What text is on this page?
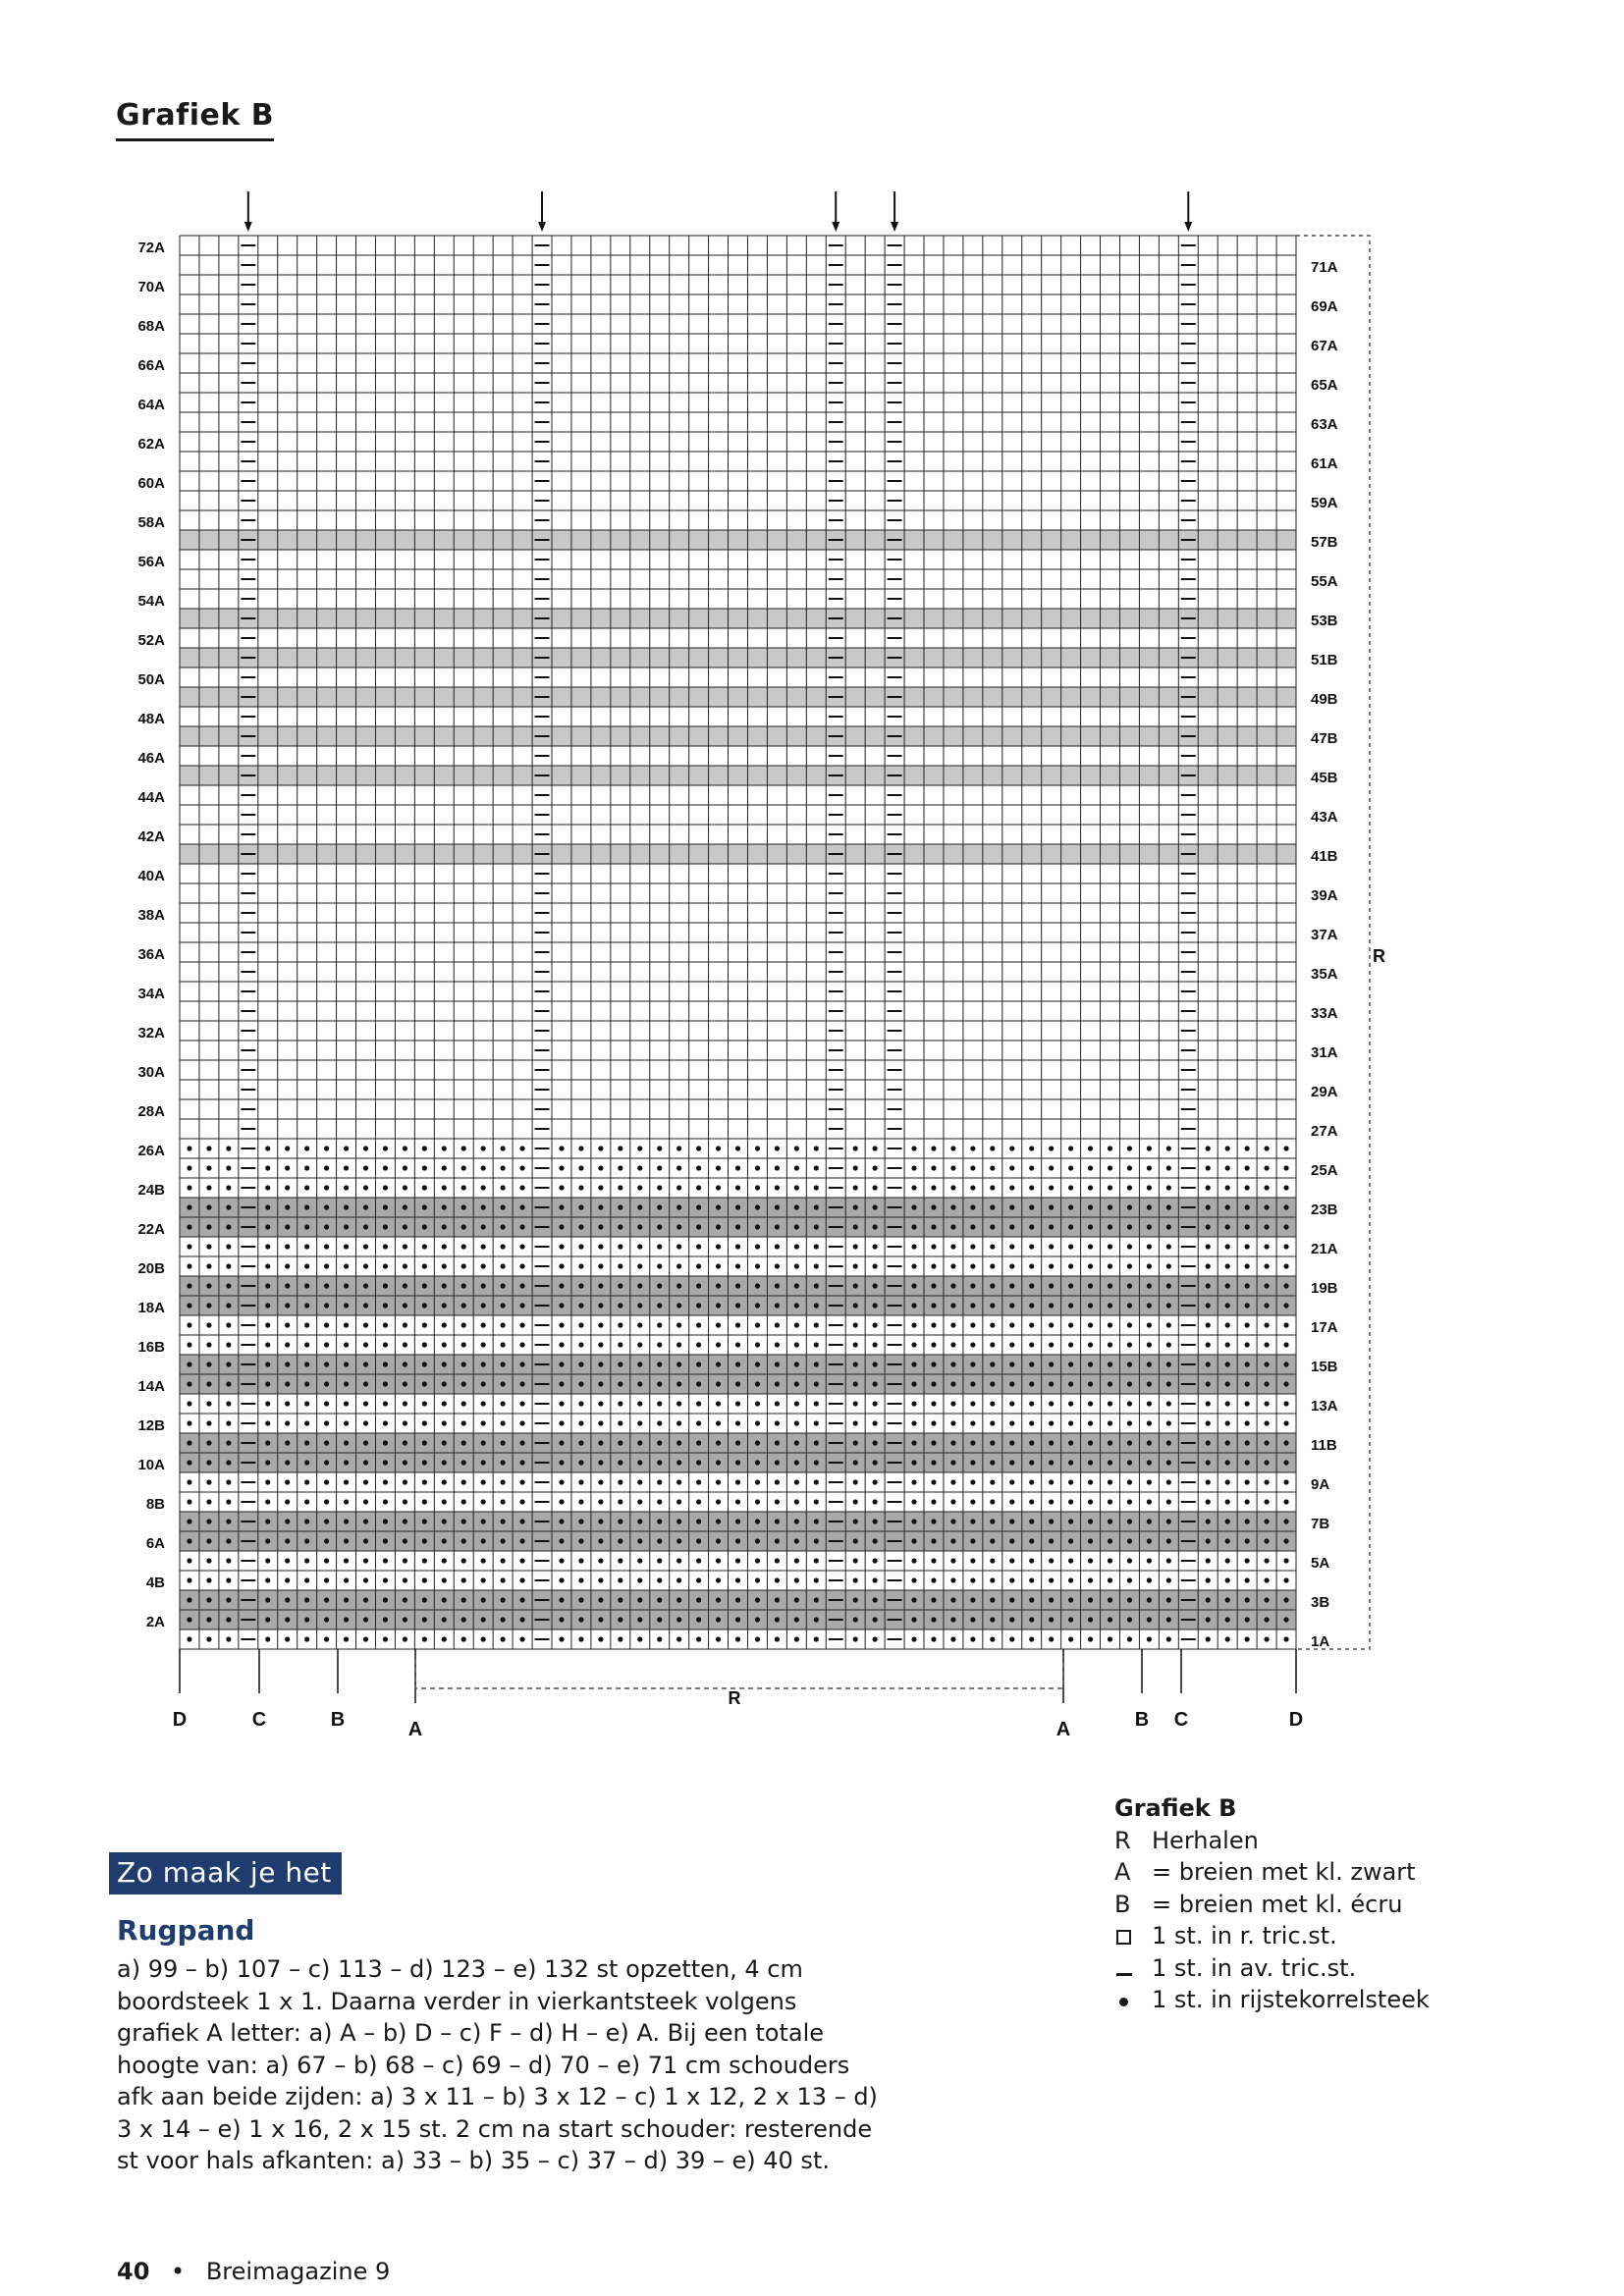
Grafiek B
2A
4B
6A
8B
10A
12B
14A
16B
18A
20B
22A
24B
26A
28A
30A
32A
34A
36A
38A
40A
42A
44A
46A
48A
50A
52A
54A
56A
58A
60A
62A
64A
66A
68A
70A
72A
1A
3B
5A
7B
9A
11B
13A
15B
17A
19B
21A
23B
25A
27A
29A
31A
33A
35A
37A
39A
41B
43A
45B
47B
49B
51B
53B
55A
57B
59A
61A
63A
65A
67A
69A
71A
R
D	C	B	A	A	B C	D
R
Zo maak je het
Rugpand

a) 99 – b) 107 – c) 113 – d) 123 – e) 132 st opzetten, 4 cm

boordsteek 1 x 1. Daarna verder in vierkantsteek volgens

grafiek A letter: a) A – b) D – c) F – d) H – e) A. Bij een totale

hoogte van: a) 67 – b) 68 – c) 69 – d) 70 – e) 71 cm schouders

afk aan beide zijden: a) 3 x 11 – b) 3 x 12 – c) 1 x 12, 2 x 13 – d)

3 x 14 – e) 1 x 16, 2 x 15 st. 2 cm na start schouder: resterende

st voor hals afkanten: a) 33 – b) 35 – c) 37 – d) 39 – e) 40 st.

Grafiek B
R Herhalen
A = breien met kl. zwart
B = breien met kl. écru
1 st. in r. tric.st.
1 st. in av. tric.st.
1 st. in rijstekorrelsteek
40 • Breimagazine 9
